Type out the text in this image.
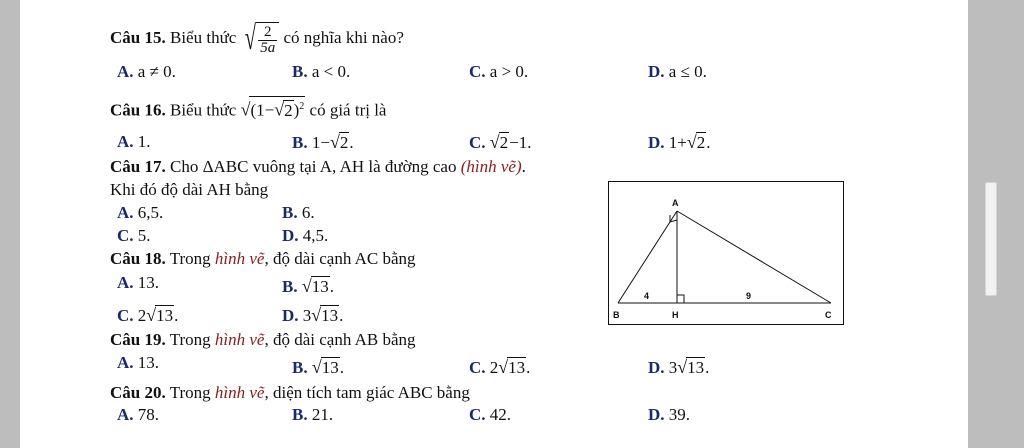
Câu 15. Biểu thức √ $\frac{2}{5a}$ có nghĩa khi nào?
A. a ≠ 0.	B. a < 0.	C. a > 0.	D. a ≤ 0.
Câu 16. Biểu thức $√(1-√2)^2$ có giá trị là
A. 1.	B. 1−√2.	C. √2−1.	D. 1+√2.
Câu 17. Cho ΔABC vuông tại A, AH là đường cao (hình vẽ).
Khi đó độ dài AH bằng
A. 6,5.	B. 6.
C. 5.	D. 4,5.
Câu 18. Trong hình vẽ, độ dài cạnh AC bằng
A. 13.	B. √13.
C. 2√13.	D. 3√13.
Câu 19. Trong hình vẽ, độ dài cạnh AB bằng
A. 13.	B. √13.	C. 2√13.	D. 3√13.
Câu 20. Trong hình vẽ, diện tích tam giác ABC bằng
A. 78.	B. 21.	C. 42.	D. 39.
A
B	H	C
4	9
